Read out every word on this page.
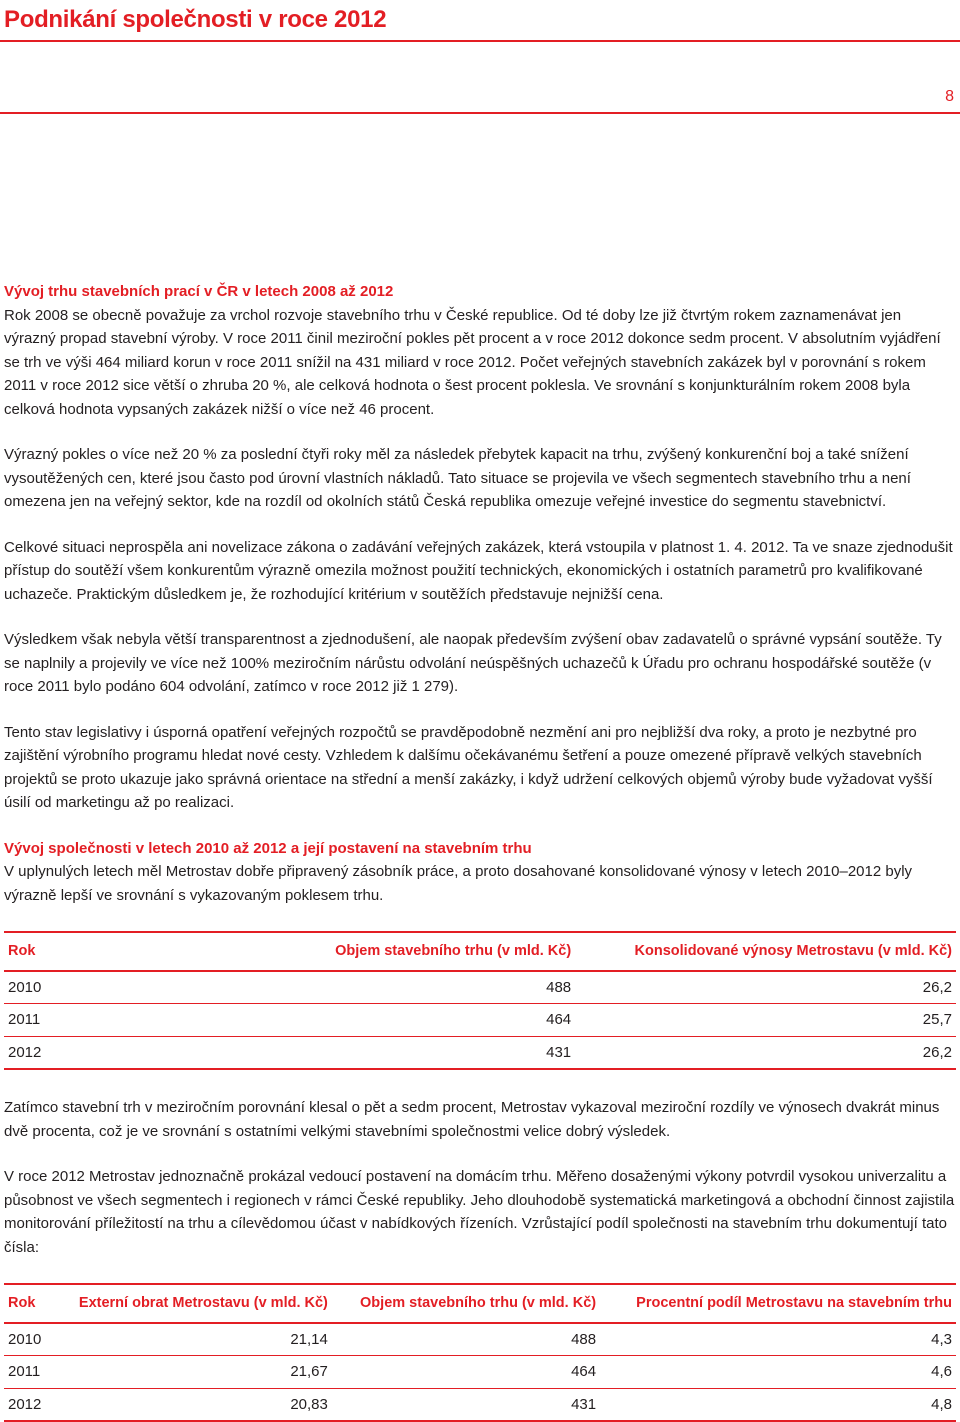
Podnikání společnosti v roce 2012
8

Vývoj trhu stavebních prací v ČR v letech 2008 až 2012

Rok 2008 se obecně považuje za vrchol rozvoje stavebního trhu v České republice. Od té doby lze již čtvrtým rokem zaznamenávat jen výrazný propad stavební výroby. V roce 2011 činil meziroční pokles pět procent a v roce 2012 dokonce sedm procent. V absolutním vyjádření se trh ve výši 464 miliard korun v roce 2011 snížil na 431 miliard v roce 2012. Počet veřejných stavebních zakázek byl v porovnání s rokem 2011 v roce 2012 sice větší o zhruba 20 %, ale celková hodnota o šest procent poklesla. Ve srovnání s konjunkturálním rokem 2008 byla celková hodnota vypsaných zakázek nižší o více než 46 procent.

Výrazný pokles o více než 20 % za poslední čtyři roky měl za následek přebytek kapacit na trhu, zvýšený konkurenční boj a také snížení vysoutěžených cen, které jsou často pod úrovní vlastních nákladů. Tato situace se projevila ve všech segmentech stavebního trhu a není omezena jen na veřejný sektor, kde na rozdíl od okolních států Česká republika omezuje veřejné investice do segmentu stavebnictví.

Celkové situaci neprospěla ani novelizace zákona o zadávání veřejných zakázek, která vstoupila v platnost 1. 4. 2012. Ta ve snaze zjednodušit přístup do soutěží všem konkurentům výrazně omezila možnost použití technických, ekonomických i ostatních parametrů pro kvalifikované uchazeče. Praktickým důsledkem je, že rozhodující kritérium v soutěžích představuje nejnižší cena.

Výsledkem však nebyla větší transparentnost a zjednodušení, ale naopak především zvýšení obav zadavatelů o správné vypsání soutěže. Ty se naplnily a projevily ve více než 100% meziročním nárůstu odvolání neúspěšných uchazečů k Úřadu pro ochranu hospodářské soutěže (v roce 2011 bylo podáno 604 odvolání, zatímco v roce 2012 již 1 279).

Tento stav legislativy i úsporná opatření veřejných rozpočtů se pravděpodobně nezmění ani pro nejbližší dva roky, a proto je nezbytné pro zajištění výrobního programu hledat nové cesty. Vzhledem k dalšímu očekávanému šetření a pouze omezené přípravě velkých stavebních projektů se proto ukazuje jako správná orientace na střední a menší zakázky, i když udržení celkových objemů výroby bude vyžadovat vyšší úsilí od marketingu až po realizaci.

Vývoj společnosti v letech 2010 až 2012 a její postavení na stavebním trhu

V uplynulých letech měl Metrostav dobře připravený zásobník práce, a proto dosahované konsolidované výnosy v letech 2010–2012 byly výrazně lepší ve srovnání s vykazovaným poklesem trhu.

Rok	Objem stavebního trhu (v mld. Kč)	Konsolidované výnosy Metrostavu (v mld. Kč)
2010	488	26,2
2011	464	25,7
2012	431	26,2

Zatímco stavební trh v meziročním porovnání klesal o pět a sedm procent, Metrostav vykazoval meziroční rozdíly ve výnosech dvakrát minus dvě procenta, což je ve srovnání s ostatními velkými stavebními společnostmi velice dobrý výsledek.

V roce 2012 Metrostav jednoznačně prokázal vedoucí postavení na domácím trhu. Měřeno dosaženými výkony potvrdil vysokou univerzalitu a působnost ve všech segmentech i regionech v rámci České republiky. Jeho dlouhodobě systematická marketingová a obchodní činnost zajistila monitorování příležitostí na trhu a cílevědomou účast v nabídkových řízeních. Vzrůstající podíl společnosti na stavebním trhu dokumentují tato čísla:

Rok	Externí obrat Metrostavu (v mld. Kč)	Objem stavebního trhu (v mld. Kč)	Procentní podíl Metrostavu na stavebním trhu
2010	21,14	488	4,3
2011	21,67	464	4,6
2012	20,83	431	4,8
